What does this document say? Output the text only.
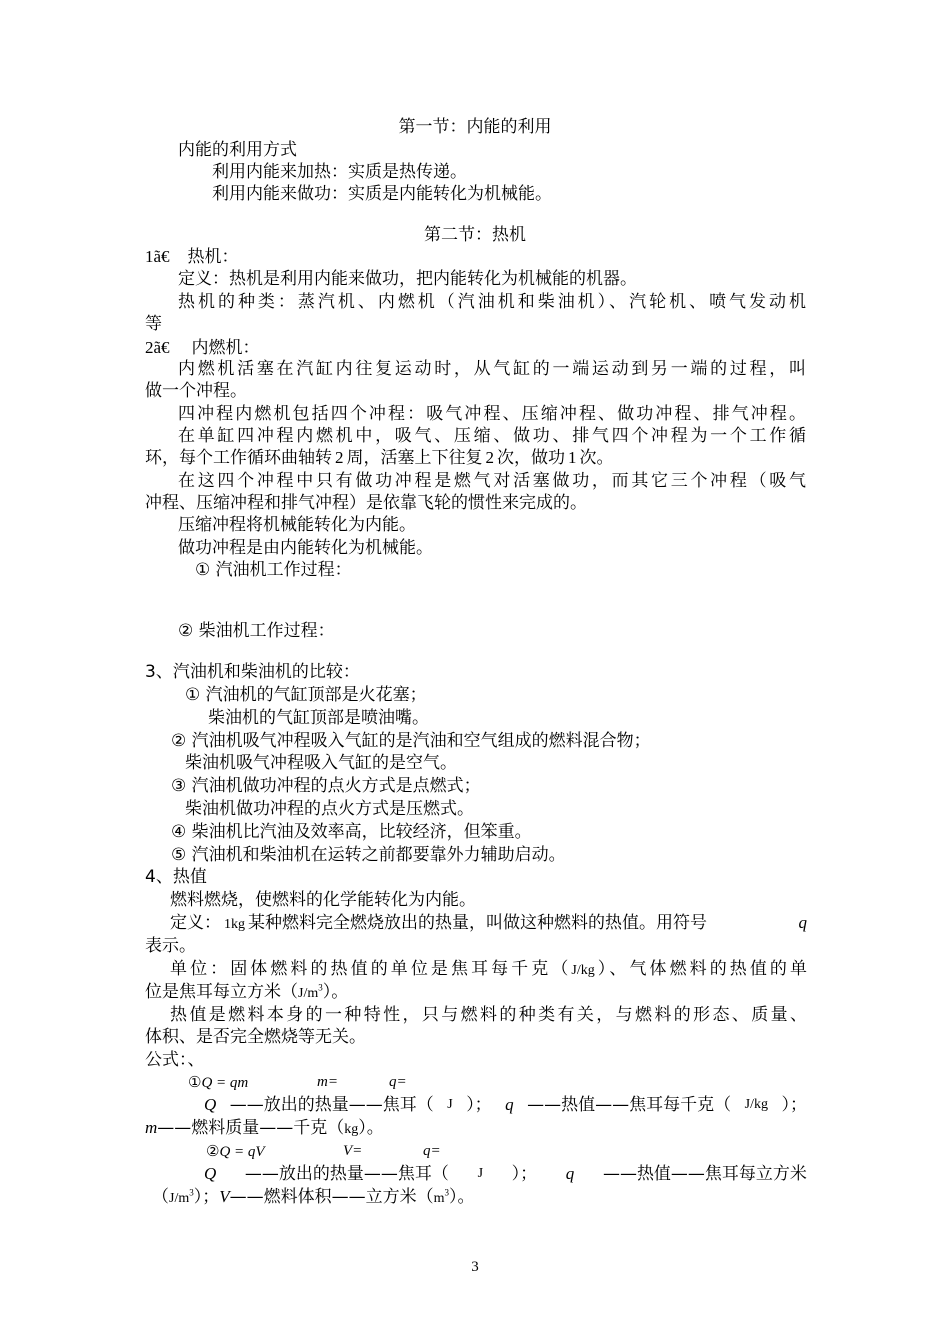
第一节：内能的利用
内能的利用方式
利用内能来加热：实质是热传递。
利用内能来做功：实质是内能转化为机械能。
第二节：热机
1ã€ 热机：
定义：热机是利用内能来做功，把内能转化为机械能的机器。
热机的种类：蒸汽机、内燃机（汽油机和柴油机）、汽轮机、喷气发动机
等
2ã€ 内燃机：
内燃机活塞在汽缸内往复运动时，从气缸的一端运动到另一端的过程，叫
做一个冲程。
四冲程内燃机包括四个冲程：吸气冲程、压缩冲程、做功冲程、排气冲程。
在单缸四冲程内燃机中，吸气、压缩、做功、排气四个冲程为一个工作循
环，每个工作循环曲轴转 2 周，活塞上下往复 2 次，做功 1 次。
在这四个冲程中只有做功冲程是燃气对活塞做功，而其它三个冲程（吸气
冲程、压缩冲程和排气冲程）是依靠飞轮的惯性来完成的。
压缩冲程将机械能转化为内能。
做功冲程是由内能转化为机械能。
① 汽油机工作过程：
② 柴油机工作过程：
3、汽油机和柴油机的比较：
① 汽油机的气缸顶部是火花塞；
柴油机的气缸顶部是喷油嘴。
② 汽油机吸气冲程吸入气缸的是汽油和空气组成的燃料混合物；
柴油机吸气冲程吸入气缸的是空气。
③ 汽油机做功冲程的点火方式是点燃式；
柴油机做功冲程的点火方式是压燃式。
④ 柴油机比汽油及效率高，比较经济，但笨重。
⑤ 汽油机和柴油机在运转之前都要靠外力辅助启动。
4、热值
燃料燃烧，使燃料的化学能转化为内能。
定义： 1kg 某种燃料完全燃烧放出的热量，叫做这种燃料的热值。用符号	q
表示。
单位：固体燃料的热值的单位是焦耳每千克（J/kg）、气体燃料的热值的单
位是焦耳每立方米$(J/m^3)$。
热值是燃料本身的一种特性，只与燃料的种类有关，与燃料的形态、质量、
体积、是否完全燃烧等无关。
公式：、
①Q = qm	m=	q=
Q ——放出的热量——焦耳（ J ）； q ——热值——焦耳每千克（ J/kg ）；
m——燃料质量——千克（kg）。
②Q = qV	V=	q=
Q ——放出的热量——焦耳（ J ）； q ——热值——焦耳每立方米
$(J/m^3)$；V——燃料体积——立方米$(m^3)$。
3
